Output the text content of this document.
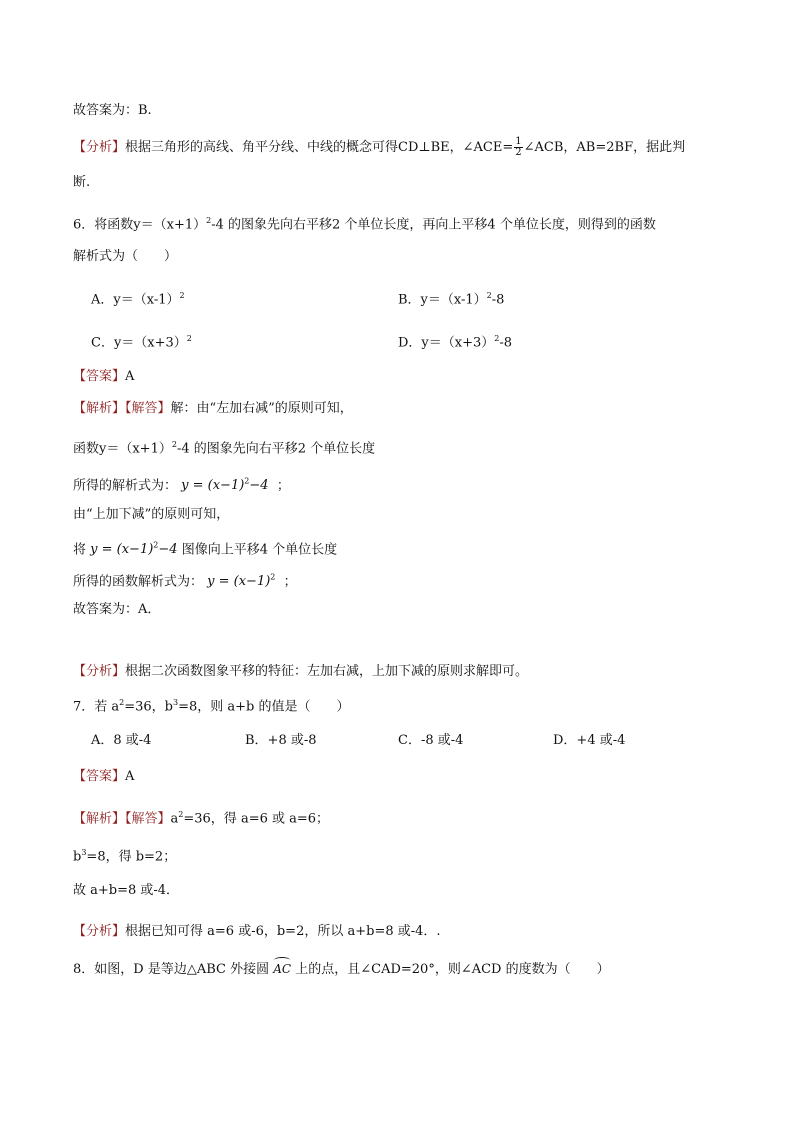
故答案为：B.
【分析】根据三角形的高线、角平分线、中线的概念可得CD⊥BE，∠ACE= $\frac{1}{2}$ ∠ACB，AB=2BF，据此判
断.
6．将函数$y=(x+1)^2-4$ 的图象先向右平移2 个单位长度，再向上平移4 个单位长度，则得到的函数
解析式为（　　）
A．$y=(x-1)^2$	B．$y=(x-1)^2-8$
C．$y=(x+3)^2$	D．$y=(x+3)^2-8$
【答案】A
【解析】【解答】解：由“左加右减”的原则可知，
函数$y=(x+1)^2-4$ 的图象先向右平移2 个单位长度
所得的解析式为： $y = (x-1)^2-4$ ；
由“上加下减”的原则可知，
将 $y = (x-1)^2-4$ 图像向上平移4 个单位长度
所得的函数解析式为： $y = (x-1)^2$ ；
故答案为：A．
【分析】根据二次函数图象平移的特征：左加右减，上加下减的原则求解即可。
7．若 $a^2=36$，$b^3=8$，则 a+b 的值是（　　）
A．8 或-4	B．+8 或-8	C．-8 或-4	D．+4 或-4
【答案】A
【解析】【解答】$a^2=36$，得 a=6 或 a=6；
$b^3=8$，得 b=2；
故 a+b=8 或-4．
【分析】根据已知可得 a=6 或-6，b=2，所以 a+b=8 或-4．.
8．如图，D 是等边△ABC 外接圆 AC 上的点，且∠CAD=20°，则∠ACD 的度数为（　　）
